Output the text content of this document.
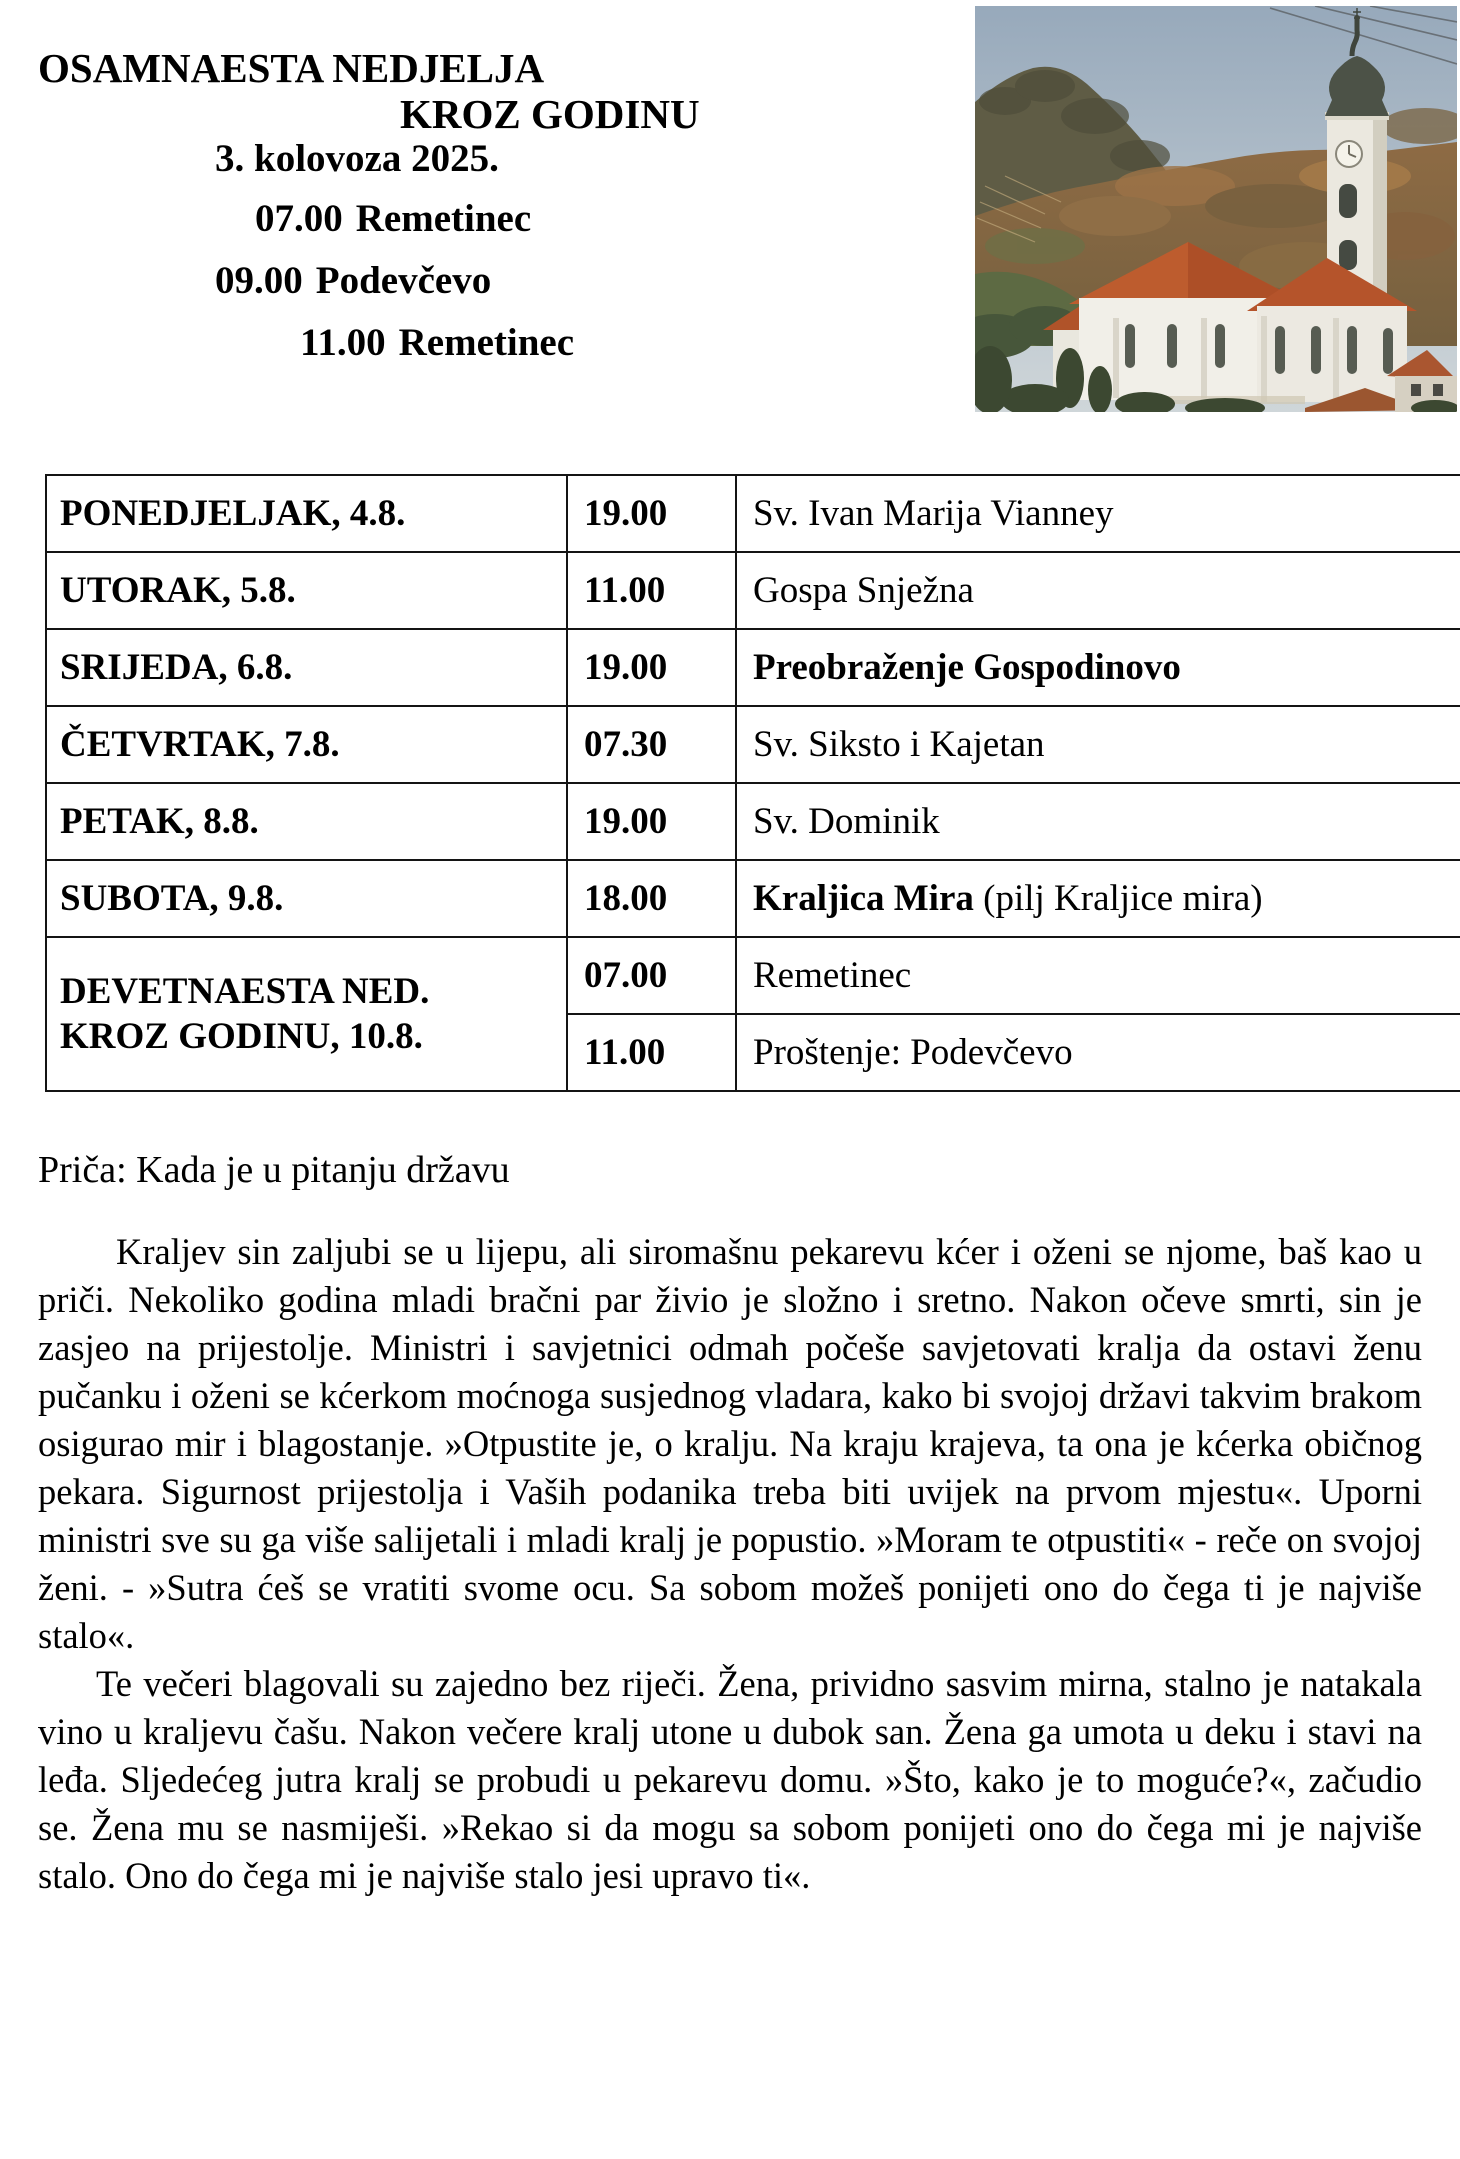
OSAMNAESTA NEDJELJA
KROZ GODINU
3. kolovoza 2025.
07.00 Remetinec
09.00 Podevčevo
11.00 Remetinec
PONEDJELJAK, 4.8.	19.00	Sv. Ivan Marija Vianney

UTORAK, 5.8.	11.00	Gospa Snježna

SRIJEDA, 6.8.	19.00	Preobraženje Gospodinovo

ČETVRTAK, 7.8.	07.30	Sv. Siksto i Kajetan

PETAK, 8.8.	19.00	Sv. Dominik

SUBOTA, 9.8.	18.00	Kraljica Mira (pilj Kraljice mira)

DEVETNAESTA NED.
KROZ GODINU, 10.8.	07.00	Remetinec
	11.00	Proštenje: Podevčevo
Priča: Kada je u pitanju državu

Kraljev sin zaljubi se u lijepu, ali siromašnu pekarevu kćer i oženi se njome, baš kao u priči. Nekoliko godina mladi bračni par živio je složno i sretno. Nakon očeve smrti, sin je zasjeo na prijestolje. Ministri i savjetnici odmah počeše savjetovati kralja da ostavi ženu pučanku i oženi se kćerkom moćnoga susjednog vladara, kako bi svojoj državi takvim brakom osigurao mir i blagostanje. »Otpustite je, o kralju. Na kraju krajeva, ta ona je kćerka običnog pekara. Sigurnost prijestolja i Vaših podanika treba biti uvijek na prvom mjestu«. Uporni ministri sve su ga više salijetali i mladi kralj je popustio. »Moram te otpustiti« - reče on svojoj ženi. - »Sutra ćeš se vratiti svome ocu. Sa sobom možeš ponijeti ono do čega ti je najviše stalo«.

Te večeri blagovali su zajedno bez riječi. Žena, prividno sasvim mirna, stalno je natakala vino u kraljevu čašu. Nakon večere kralj utone u dubok san. Žena ga umota u deku i stavi na leđa. Sljedećeg jutra kralj se probudi u pekarevu domu. »Što, kako je to moguće?«, začudio se. Žena mu se nasmiješi. »Rekao si da mogu sa sobom ponijeti ono do čega mi je najviše stalo. Ono do čega mi je najviše stalo jesi upravo ti«.
